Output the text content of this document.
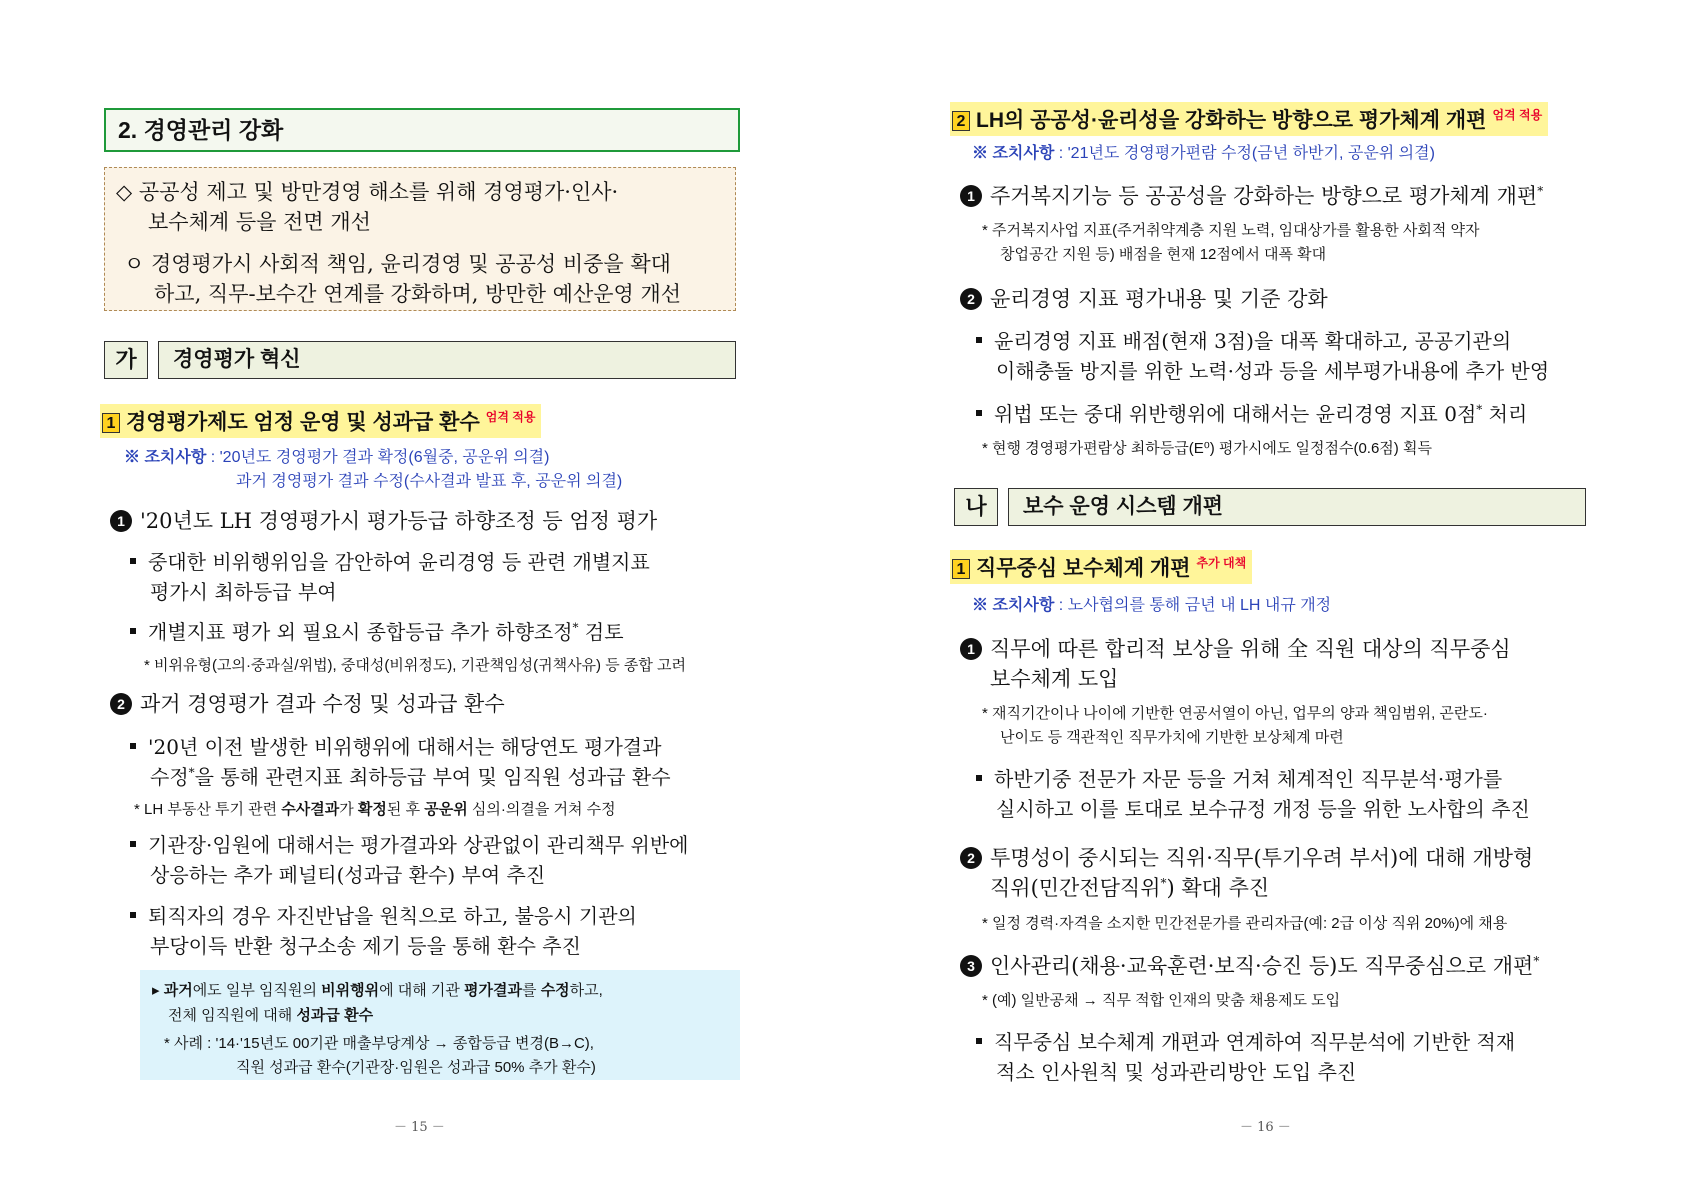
2. 경영관리 강화
◇ 공공성 제고 및 방만경영 해소를 위해 경영평가·인사·
보수체계 등을 전면 개선
ㅇ 경영평가시 사회적 책임, 윤리경영 및 공공성 비중을 확대
하고, 직무-보수간 연계를 강화하며, 방만한 예산운영 개선
가	경영평가 혁신
1 경영평가제도 엄정 운영 및 성과급 환수 $^{엄격 적용}$
※ 조치사항 : '20년도 경영평가 결과 확정(6월중, 공운위 의결)
과거 경영평가 결과 수정(수사결과 발표 후, 공운위 의결)
1 '20년도 LH 경영평가시 평가등급 하향조정 등 엄정 평가
중대한 비위행위임을 감안하여 윤리경영 등 관련 개별지표
평가시 최하등급 부여
개별지표 평가 외 필요시 종합등급 추가 하향조정* 검토
* 비위유형(고의·중과실/위법), 중대성(비위정도), 기관책임성(귀책사유) 등 종합 고려
2 과거 경영평가 결과 수정 및 성과급 환수
'20년 이전 발생한 비위행위에 대해서는 해당연도 평가결과
수정*을 통해 관련지표 최하등급 부여 및 임직원 성과급 환수
* LH 부동산 투기 관련 수사결과가 확정된 후 공운위 심의·의결을 거쳐 수정
기관장·임원에 대해서는 평가결과와 상관없이 관리책무 위반에
상응하는 추가 페널티(성과급 환수) 부여 추진
퇴직자의 경우 자진반납을 원칙으로 하고, 불응시 기관의
부당이득 반환 청구소송 제기 등을 통해 환수 추진
▸ 과거에도 일부 임직원의 비위행위에 대해 기관 평가결과를 수정하고,
전체 임직원에 대해 성과급 환수
* 사례 : '14·'15년도 00기관 매출부당계상 → 종합등급 변경(B→C),
직원 성과급 환수(기관장·임원은 성과급 50% 추가 환수)
－ 15 －
2 LH의 공공성·윤리성을 강화하는 방향으로 평가체계 개편 $^{엄격 적용}$
※ 조치사항 : '21년도 경영평가편람 수정(금년 하반기, 공운위 의결)
1 주거복지기능 등 공공성을 강화하는 방향으로 평가체계 개편*
* 주거복지사업 지표(주거취약계층 지원 노력, 임대상가를 활용한 사회적 약자
창업공간 지원 등) 배점을 현재 12점에서 대폭 확대
2 윤리경영 지표 평가내용 및 기준 강화
윤리경영 지표 배점(현재 3점)을 대폭 확대하고, 공공기관의
이해충돌 방지를 위한 노력·성과 등을 세부평가내용에 추가 반영
위법 또는 중대 위반행위에 대해서는 윤리경영 지표 0점* 처리
* 현행 경영평가편람상 최하등급(E⁰) 평가시에도 일정점수(0.6점) 획득
나	보수 운영 시스템 개편
1 직무중심 보수체계 개편 $^{추가 대책}$
※ 조치사항 : 노사협의를 통해 금년 내 LH 내규 개정
1 직무에 따른 합리적 보상을 위해 全 직원 대상의 직무중심
보수체계 도입
* 재직기간이나 나이에 기반한 연공서열이 아닌, 업무의 양과 책임범위, 곤란도·
난이도 등 객관적인 직무가치에 기반한 보상체계 마련
하반기중 전문가 자문 등을 거쳐 체계적인 직무분석·평가를
실시하고 이를 토대로 보수규정 개정 등을 위한 노사합의 추진
2 투명성이 중시되는 직위·직무(투기우려 부서)에 대해 개방형
직위(민간전담직위*) 확대 추진
* 일정 경력·자격을 소지한 민간전문가를 관리자급(예: 2급 이상 직위 20%)에 채용
3 인사관리(채용·교육훈련·보직·승진 등)도 직무중심으로 개편*
* (예) 일반공채 → 직무 적합 인재의 맞춤 채용제도 도입
직무중심 보수체계 개편과 연계하여 직무분석에 기반한 적재
적소 인사원칙 및 성과관리방안 도입 추진
－ 16 －
